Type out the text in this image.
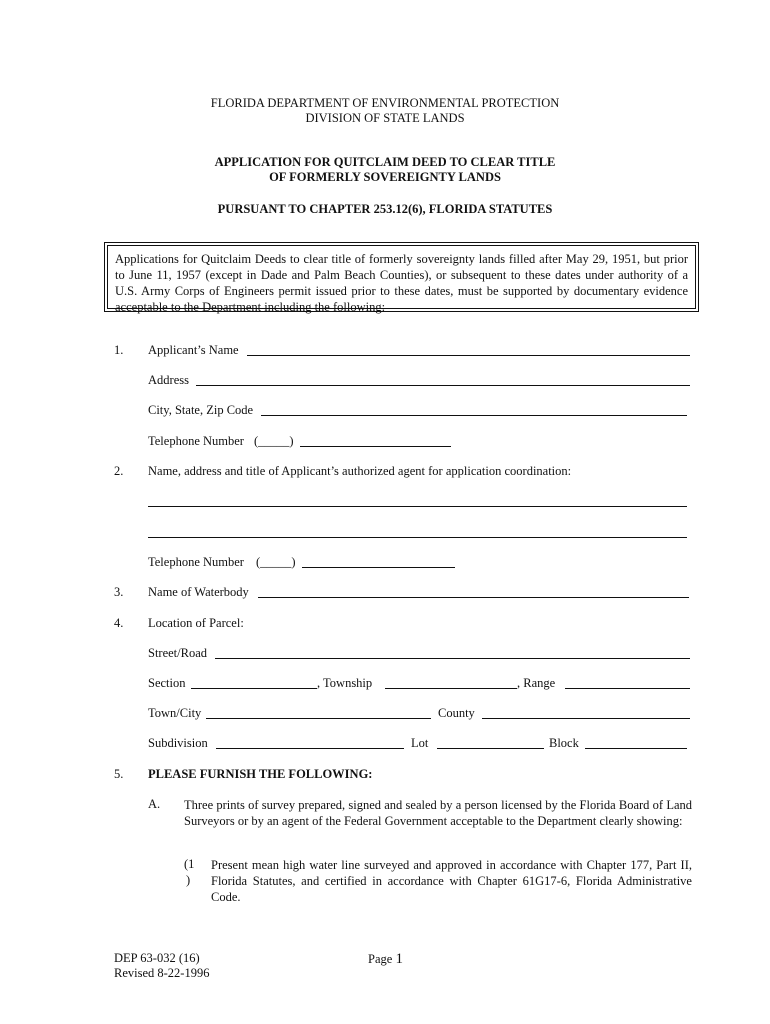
FLORIDA DEPARTMENT OF ENVIRONMENTAL PROTECTION
DIVISION OF STATE LANDS
APPLICATION FOR QUITCLAIM DEED TO CLEAR TITLE
OF FORMERLY SOVEREIGNTY LANDS
PURSUANT TO CHAPTER 253.12(6), FLORIDA STATUTES
Applications for Quitclaim Deeds to clear title of formerly sovereignty lands filled after May 29, 1951, but prior to June 11, 1957 (except in Dade and Palm Beach Counties), or subsequent to these dates under authority of a U.S. Army Corps of Engineers permit issued prior to these dates, must be supported by documentary evidence acceptable to the Department including the following:
1. Applicant’s Name
Address
City, State, Zip Code
Telephone Number (_____)
2. Name, address and title of Applicant’s authorized agent for application coordination:
Telephone Number (_____)
3. Name of Waterbody
4. Location of Parcel:
Street/Road
Section	, Township	, Range
Town/City	County
Subdivision	Lot	Block
5. PLEASE FURNISH THE FOLLOWING:
A. Three prints of survey prepared, signed and sealed by a person licensed by the Florida Board of Land Surveyors or by an agent of the Federal Government acceptable to the Department clearly showing:
(1
)
Present mean high water line surveyed and approved in accordance with Chapter 177, Part II, Florida Statutes, and certified in accordance with Chapter 61G17-6, Florida Administrative Code.
DEP 63-032 (16)
Revised 8-22-1996
Page 1
